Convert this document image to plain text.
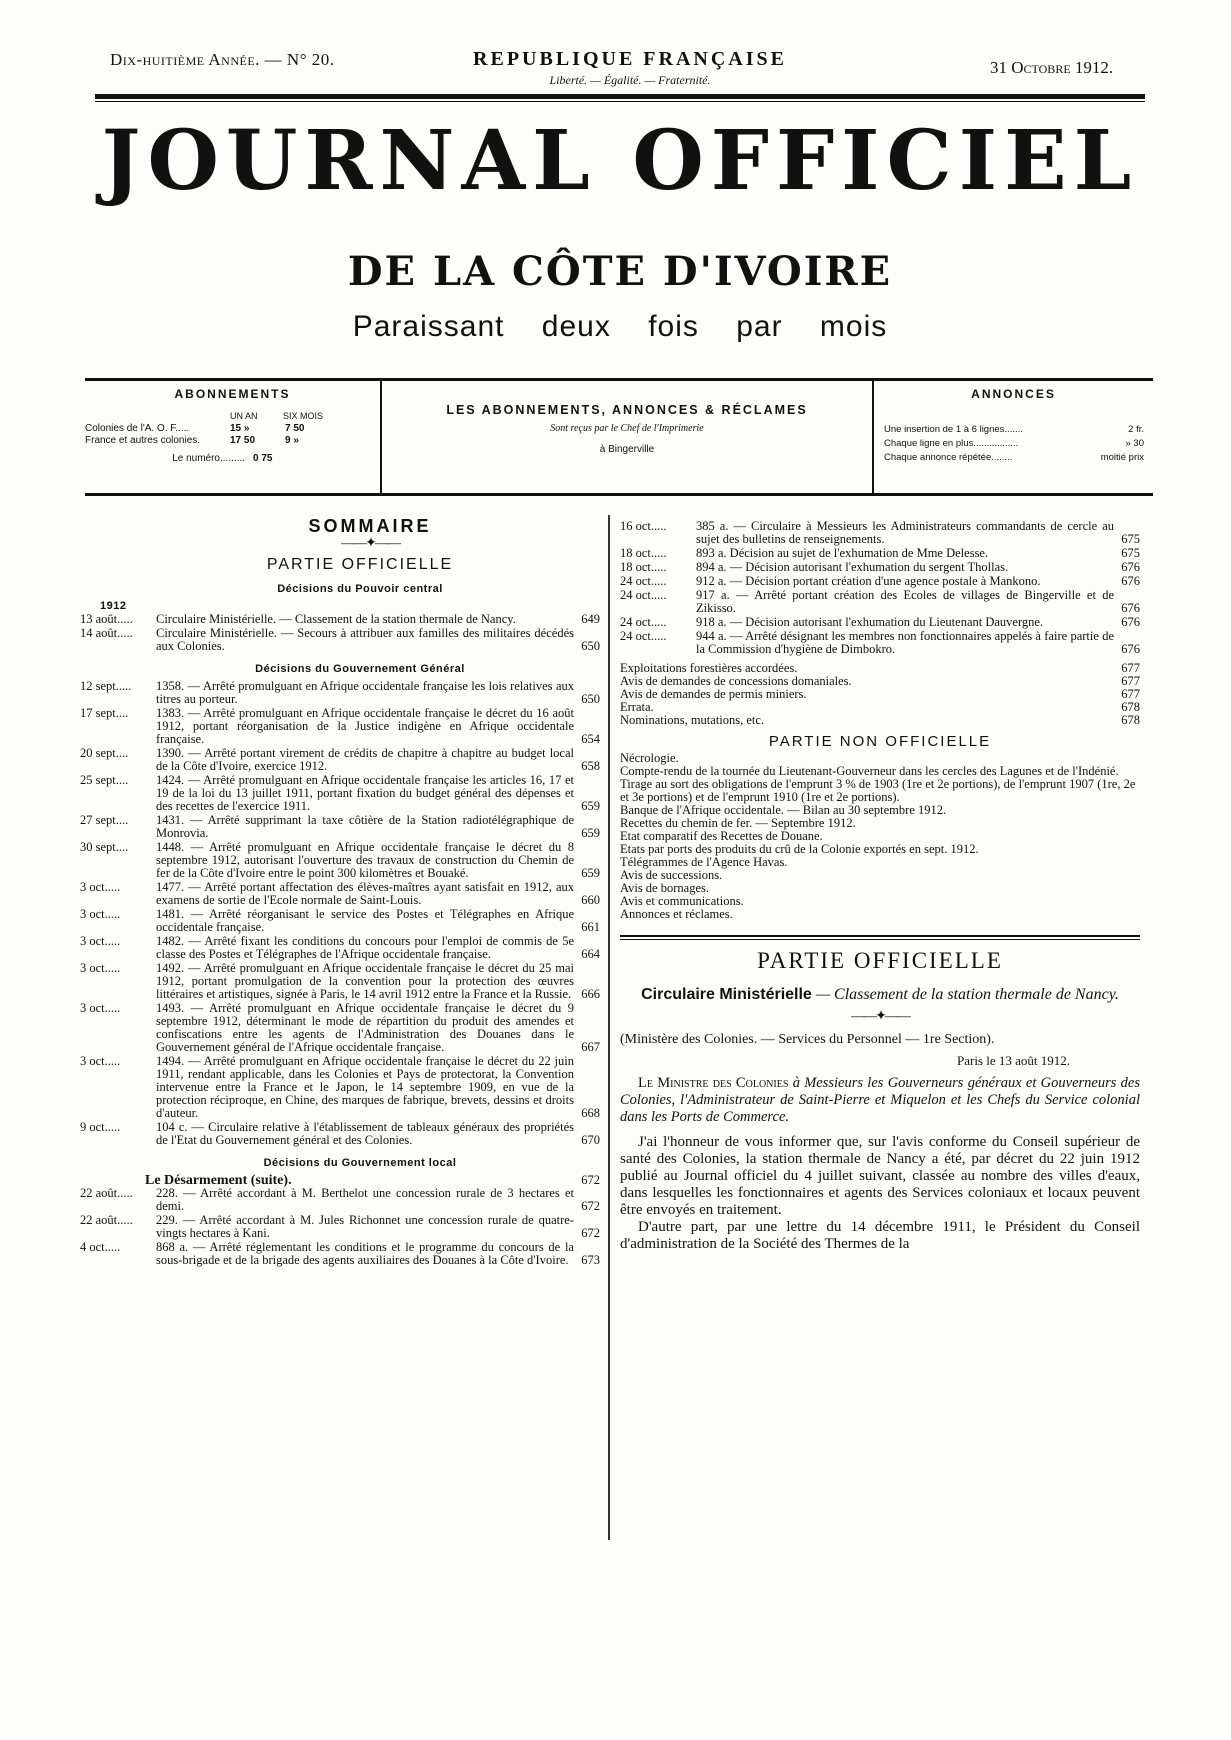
Dix-huitième Année. — N° 20.	REPUBLIQUE FRANÇAISE
Liberté. — Égalité. — Fraternité.
31 Octobre 1912.
JOURNAL OFFICIEL
DE LA CÔTE D'IVOIRE
Paraissant deux fois par mois
ABONNEMENTS
UN AN	SIX MOIS
Colonies de l'A. O. F.....	15 »	7 50
France et autres colonies.	17 50	9 »
Le numéro......... 0 75
LES ABONNEMENTS, ANNONCES & RÉCLAMES
Sont reçus par le Chef de l'Imprimerie
à Bingerville
ANNONCES
Une insertion de 1 à 6 lignes.......	2 fr.
Chaque ligne en plus.................	» 30
Chaque annonce répétée........	moitié prix
SOMMAIRE
——✦——
PARTIE OFFICIELLE
Décisions du Pouvoir central
1912
13 août.....	Circulaire Ministérielle. — Classement de la station thermale de Nancy.	649
14 août.....	Circulaire Ministérielle. — Secours à attribuer aux familles des militaires décédés aux Colonies.	650
Décisions du Gouvernement Général
12 sept.....	1358. — Arrêté promulguant en Afrique occidentale française les lois relatives aux titres au porteur.	650
17 sept....	1383. — Arrêté promulguant en Afrique occidentale française le décret du 16 août 1912, portant réorganisation de la Justice indigène en Afrique occidentale française.	654
20 sept....	1390. — Arrêté portant virement de crédits de chapitre à chapitre au budget local de la Côte d'Ivoire, exercice 1912.	658
25 sept....	1424. — Arrêté promulguant en Afrique occidentale française les articles 16, 17 et 19 de la loi du 13 juillet 1911, portant fixation du budget général des dépenses et des recettes de l'exercice 1911.	659
27 sept....	1431. — Arrêté supprimant la taxe côtière de la Station radiotélégraphique de Monrovia.	659
30 sept....	1448. — Arrêté promulguant en Afrique occidentale française le décret du 8 septembre 1912, autorisant l'ouverture des travaux de construction du Chemin de fer de la Côte d'Ivoire entre le point 300 kilomètres et Bouaké.	659
3 oct.....	1477. — Arrêté portant affectation des élèves-maîtres ayant satisfait en 1912, aux examens de sortie de l'Ecole normale de Saint-Louis.	660
3 oct.....	1481. — Arrêté réorganisant le service des Postes et Télégraphes en Afrique occidentale française.	661
3 oct.....	1482. — Arrêté fixant les conditions du concours pour l'emploi de commis de 5e classe des Postes et Télégraphes de l'Afrique occidentale française.	664
3 oct.....	1492. — Arrêté promulguant en Afrique occidentale française le décret du 25 mai 1912, portant promulgation de la convention pour la protection des œuvres littéraires et artistiques, signée à Paris, le 14 avril 1912 entre la France et la Russie. 666
3 oct.....	1493. — Arrêté promulguant en Afrique occidentale française le décret du 9 septembre 1912, déterminant le mode de répartition du produit des amendes et confiscations entre les agents de l'Administration des Douanes dans le Gouvernement général de l'Afrique occidentale française.	667
3 oct.....	1494. — Arrêté promulguant en Afrique occidentale française le décret du 22 juin 1911, rendant applicable, dans les Colonies et Pays de protectorat, la Convention intervenue entre la France et le Japon, le 14 septembre 1909, en vue de la protection réciproque, en Chine, des marques de fabrique, brevets, dessins et droits d'auteur.	668
9 oct.....	104 c. — Circulaire relative à l'établissement de tableaux généraux des propriétés de l'Etat du Gouvernement général et des Colonies.	670
Décisions du Gouvernement local
Le Désarmement (suite).	672
22 août.....	228. — Arrêté accordant à M. Berthelot une concession rurale de 3 hectares et demi.	672
22 août.....	229. — Arrêté accordant à M. Jules Richonnet une concession rurale de quatre-vingts hectares à Kani.	672
4 oct.....	868 a. — Arrêté réglementant les conditions et le programme du concours de la sous-brigade et de la brigade des agents auxiliaires des Douanes à la Côte d'Ivoire.	673
16 oct.....	385 a. — Circulaire à Messieurs les Administrateurs commandants de cercle au sujet des bulletins de renseignements.	675
18 oct.....	893 a. Décision au sujet de l'exhumation de Mme Delesse.	675
18 oct.....	894 a. — Décision autorisant l'exhumation du sergent Thollas.	676
24 oct.....	912 a. — Décision portant création d'une agence postale à Mankono.	676
24 oct.....	917 a. — Arrêté portant création des Ecoles de villages de Bingerville et de Zikisso.	676
24 oct.....	918 a. — Décision autorisant l'exhumation du Lieutenant Dauvergne.	676
24 oct.....	944 a. — Arrêté désignant les membres non fonctionnaires appelés à faire partie de la Commission d'hygiène de Dimbokro.	676
Exploitations forestières accordées.	677
Avis de demandes de concessions domaniales.	677
Avis de demandes de permis miniers.	677
Errata.	678
Nominations, mutations, etc.	678
PARTIE NON OFFICIELLE
Nécrologie.
Compte-rendu de la tournée du Lieutenant-Gouverneur dans les cercles des Lagunes et de l'Indénié.
Tirage au sort des obligations de l'emprunt 3 % de 1903 (1re et 2e portions), de l'emprunt 1907 (1re, 2e et 3e portions) et de l'emprunt 1910 (1re et 2e portions).
Banque de l'Afrique occidentale. — Bilan au 30 septembre 1912.
Recettes du chemin de fer. — Septembre 1912.
Etat comparatif des Recettes de Douane.
Etats par ports des produits du crû de la Colonie exportés en sept. 1912.
Télégrammes de l'Agence Havas.
Avis de successions.
Avis de bornages.
Avis et communications.
Annonces et réclames.
PARTIE OFFICIELLE
Circulaire Ministérielle — Classement de la station thermale de Nancy.
——✦——
(Ministère des Colonies. — Services du Personnel — 1re Section).
Paris le 13 août 1912.
Le Ministre des Colonies à Messieurs les Gouverneurs généraux et Gouverneurs des Colonies, l'Administrateur de Saint-Pierre et Miquelon et les Chefs du Service colonial dans les Ports de Commerce.
J'ai l'honneur de vous informer que, sur l'avis conforme du Conseil supérieur de santé des Colonies, la station thermale de Nancy a été, par décret du 22 juin 1912 publié au Journal officiel du 4 juillet suivant, classée au nombre des villes d'eaux, dans lesquelles les fonctionnaires et agents des Services coloniaux et locaux peuvent être envoyés en traitement.
D'autre part, par une lettre du 14 décembre 1911, le Président du Conseil d'administration de la Société des Thermes de la
